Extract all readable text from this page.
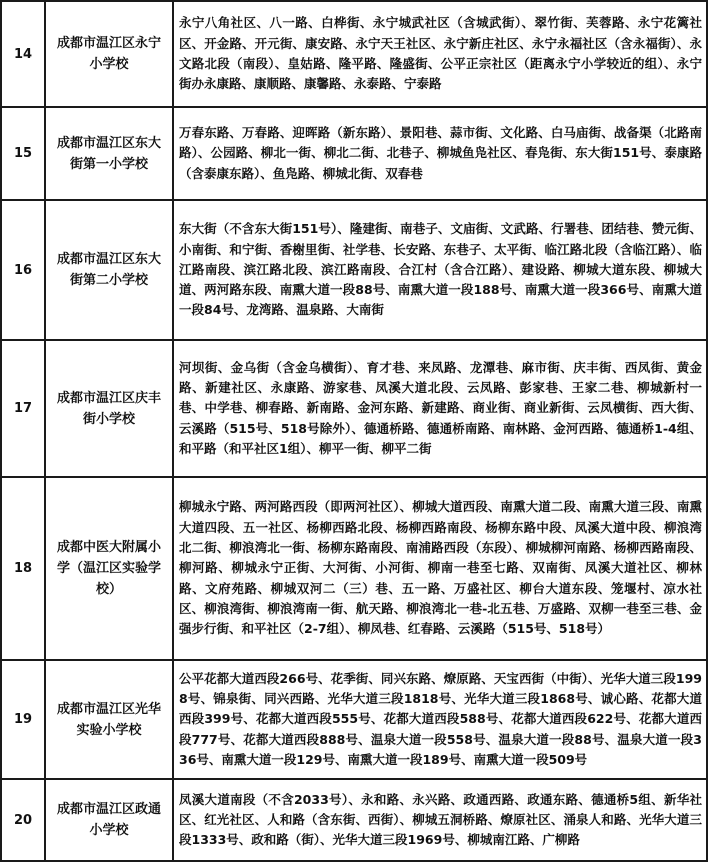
14	成都市温江区永宁小学校	永宁八角社区、八一路、白桦街、永宁城武社区（含城武街）、翠竹街、芙蓉路、永宁花篱社区、开金路、开元街、康安路、永宁天王社区、永宁新庄社区、永宁永福社区（含永福街）、永文路北段（南段）、皇姑路、隆平路、隆盛街、公平正宗社区（距离永宁小学较近的组）、永宁街办永康路、康顺路、康馨路、永泰路、宁泰路
15	成都市温江区东大街第一小学校	万春东路、万春路、迎晖路（新东路）、景阳巷、蒜市街、文化路、白马庙街、战备渠（北路南路）、公园路、柳北一街、柳北二街、北巷子、柳城鱼凫社区、春凫街、东大街151号、泰康路（含泰康东路）、鱼凫路、柳城北街、双春巷
16	成都市温江区东大街第二小学校	东大街（不含东大街151号）、隆建街、南巷子、文庙街、文武路、行署巷、团结巷、赞元街、小南街、和宁街、香榭里街、社学巷、长安路、东巷子、太平街、临江路北段（含临江路）、临江路南段、滨江路北段、滨江路南段、合江村（含合江路）、建设路、柳城大道东段、柳城大道、两河路东段、南熏大道一段88号、南熏大道一段188号、南熏大道一段366号、南熏大道一段84号、龙湾路、温泉路、大南街
17	成都市温江区庆丰街小学校	河坝街、金乌街（含金乌横街）、育才巷、来凤路、龙潭巷、麻市街、庆丰街、西凤街、黄金路、新建社区、永康路、游家巷、凤溪大道北段、云凤路、彭家巷、王家二巷、柳城新村一巷、中学巷、柳春路、新南路、金河东路、新建路、商业街、商业新街、云凤横街、西大街、云溪路（515号、518号除外）、德通桥路、德通桥南路、南林路、金河西路、德通桥1-4组、和平路（和平社区1组）、柳平一街、柳平二街
18	成都中医大附属小学（温江区实验学校）	柳城永宁路、两河路西段（即两河社区）、柳城大道西段、南熏大道二段、南熏大道三段、南熏大道四段、五一社区、杨柳西路北段、杨柳西路南段、杨柳东路中段、凤溪大道中段、柳浪湾北二街、柳浪湾北一街、杨柳东路南段、南浦路西段（东段）、柳城柳河南路、杨柳西路南段、柳河路、柳城永宁正街、大河街、小河街、柳南一巷至七路、双南街、凤溪大道社区、柳林路、文府苑路、柳城双河二（三）巷、五一路、万盛社区、柳台大道东段、笼堰村、凉水社区、柳浪湾街、柳浪湾南一街、航天路、柳浪湾北一巷-北五巷、万盛路、双柳一巷至三巷、金强步行街、和平社区（2-7组）、柳凤巷、红春路、云溪路（515号、518号）
19	成都市温江区光华实验小学校	公平花都大道西段266号、花季街、同兴东路、燎原路、天宝西街（中街）、光华大道三段1998号、锦泉街、同兴西路、光华大道三段1818号、光华大道三段1868号、诚心路、花都大道西段399号、花都大道西段555号、花都大道西段588号、花都大道西段622号、花都大道西段777号、花都大道西段888号、温泉大道一段558号、温泉大道一段88号、温泉大道一段336号、南熏大道一段129号、南熏大道一段189号、南熏大道一段509号
20	成都市温江区政通小学校	凤溪大道南段（不含2033号）、永和路、永兴路、政通西路、政通东路、德通桥5组、新华社区、红光社区、人和路（含东街、西街）、柳城五洞桥路、燎原社区、涌泉人和路、光华大道三段1333号、政和路（街）、光华大道三段1969号、柳城南江路、广柳路
